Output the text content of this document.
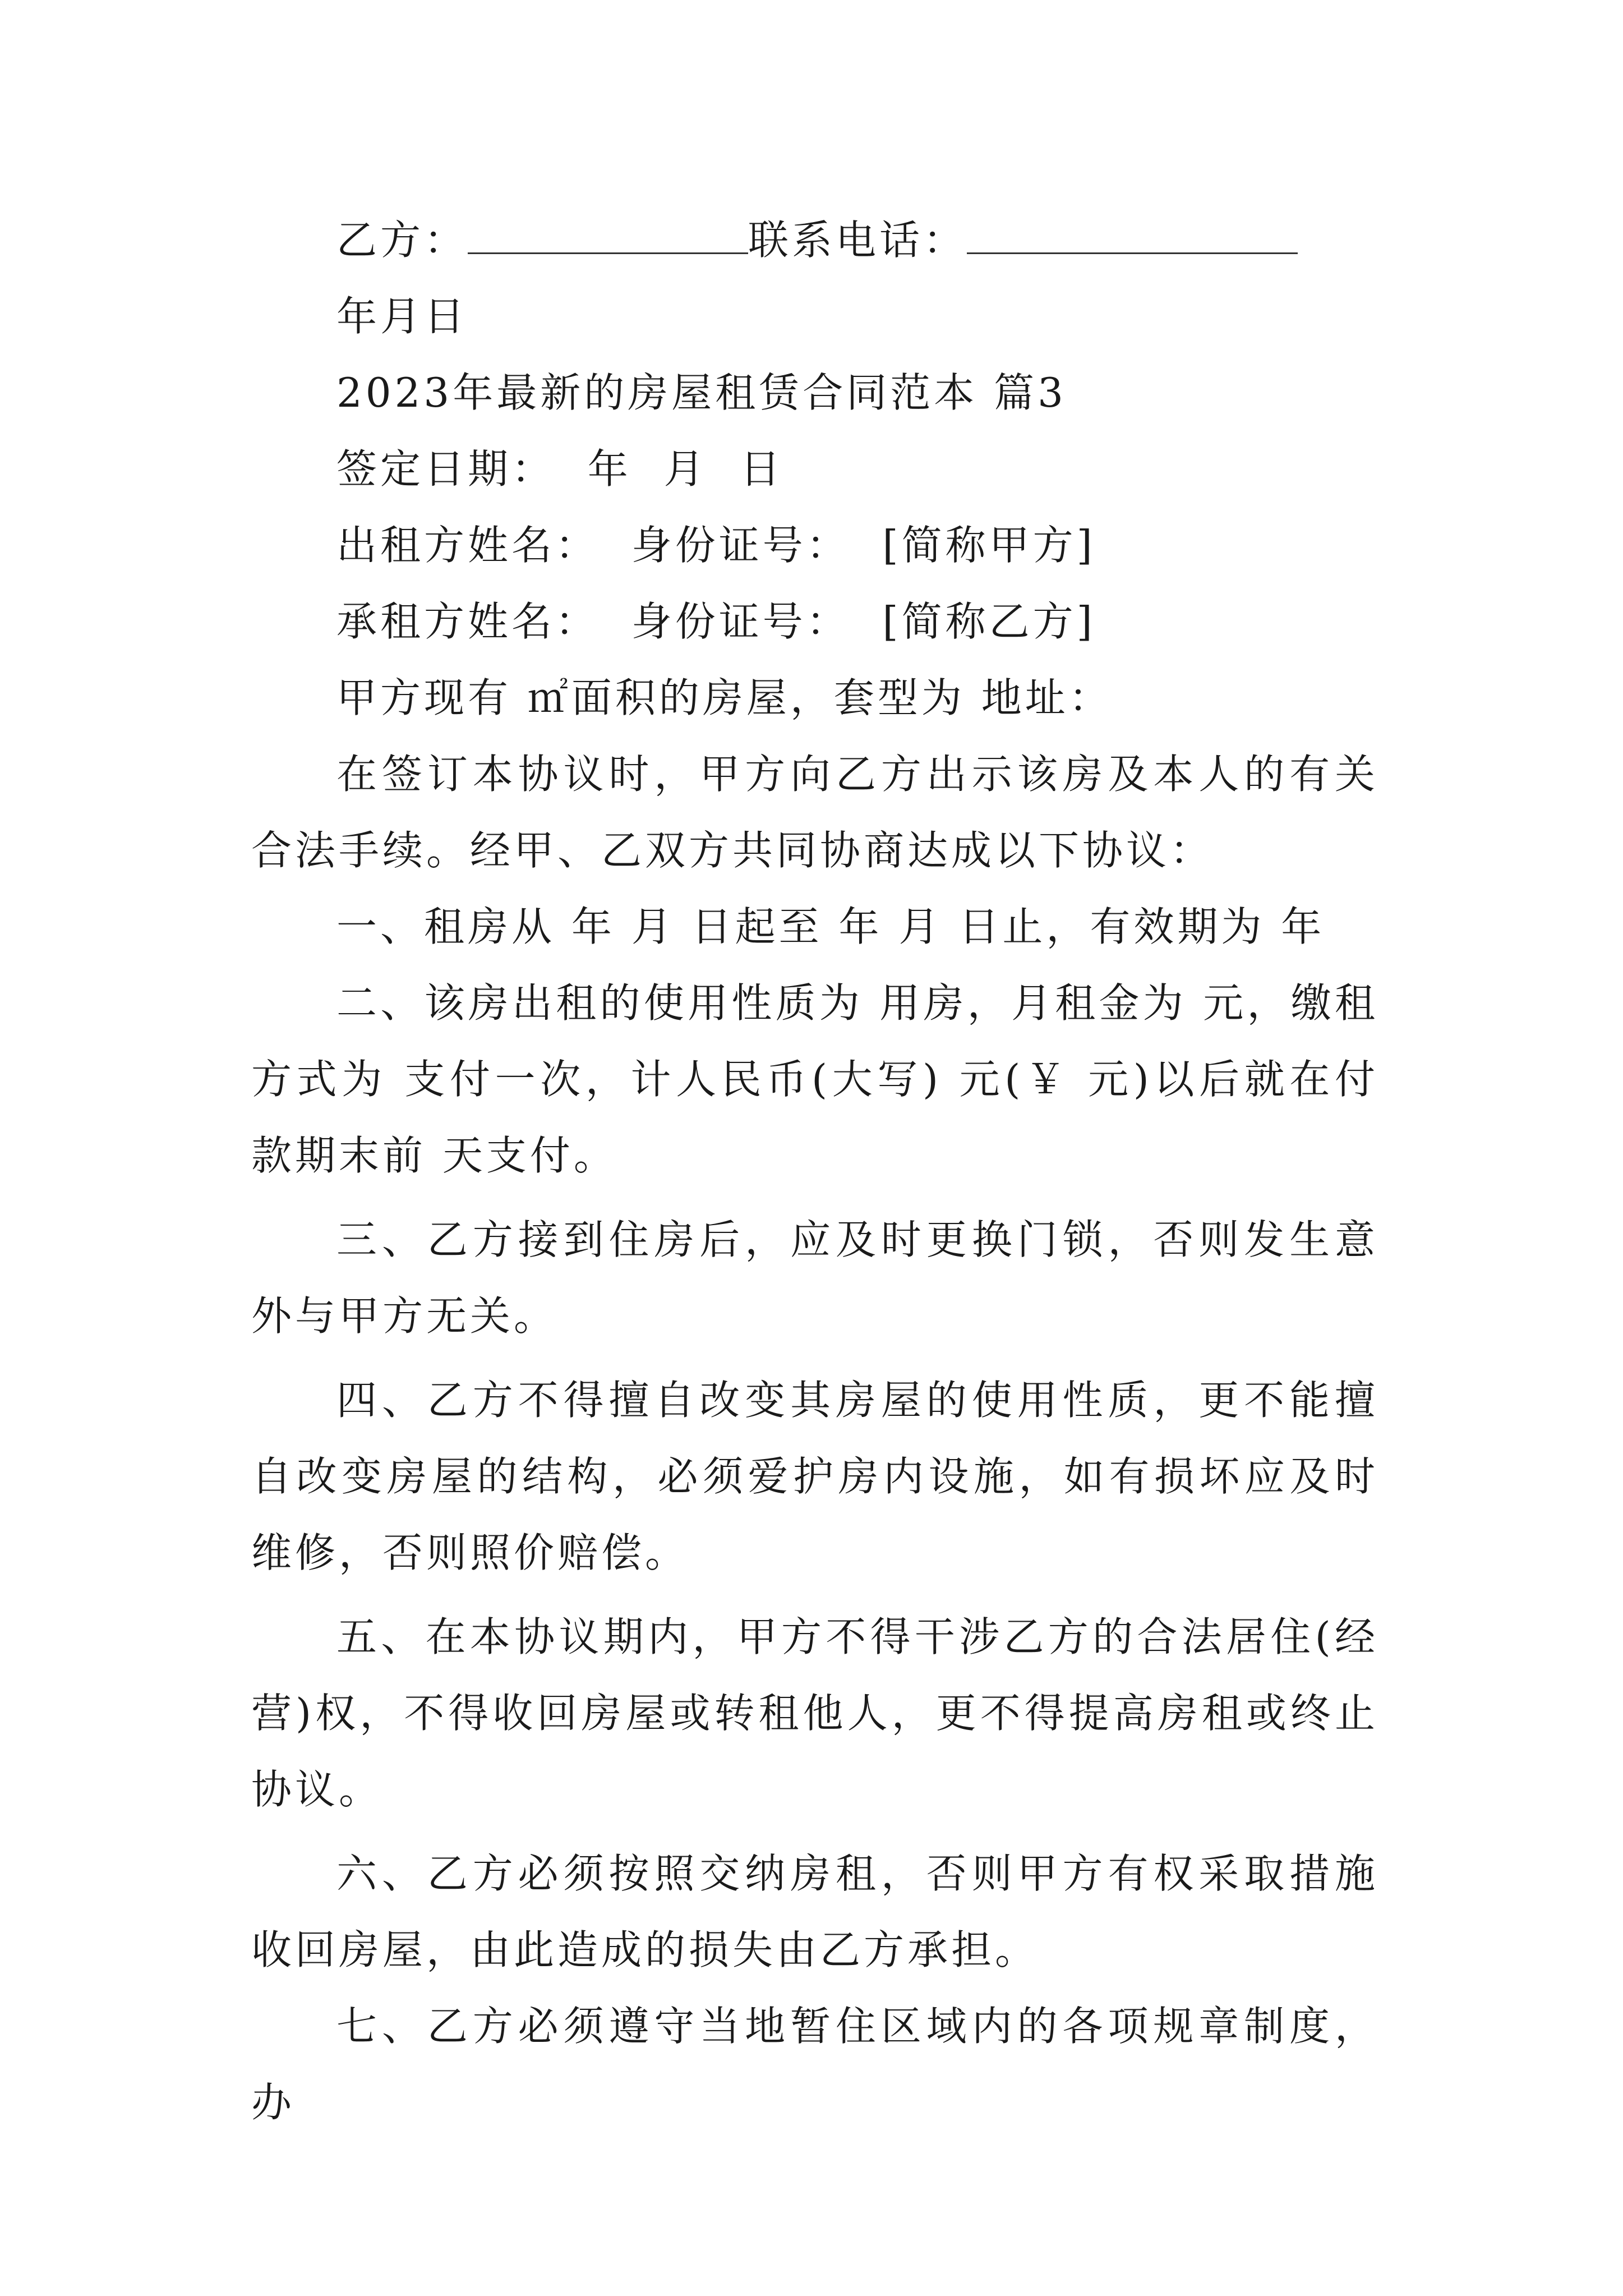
乙方：	联系电话：
年月日
2023年最新的房屋租赁合同范本 篇3
签定日期：  年  月  日
出租方姓名：  身份证号：  [简称甲方]
承租方姓名：  身份证号：  [简称乙方]
甲方现有 ㎡面积的房屋，套型为 地址：

在签订本协议时，甲方向乙方出示该房及本人的有关合法手续。经甲、乙双方共同协商达成以下协议：

一、租房从 年 月 日起至 年 月 日止，有效期为 年

二、该房出租的使用性质为 用房，月租金为 元，缴租方式为 支付一次，计人民币(大写) 元(￥ 元)以后就在付款期末前 天支付。

三、乙方接到住房后，应及时更换门锁，否则发生意外与甲方无关。

四、乙方不得擅自改变其房屋的使用性质，更不能擅自改变房屋的结构，必须爱护房内设施，如有损坏应及时维修，否则照价赔偿。

五、在本协议期内，甲方不得干涉乙方的合法居住(经营)权，不得收回房屋或转租他人，更不得提高房租或终止协议。

六、乙方必须按照交纳房租，否则甲方有权采取措施收回房屋，由此造成的损失由乙方承担。

七、乙方必须遵守当地暂住区域内的各项规章制度，办
